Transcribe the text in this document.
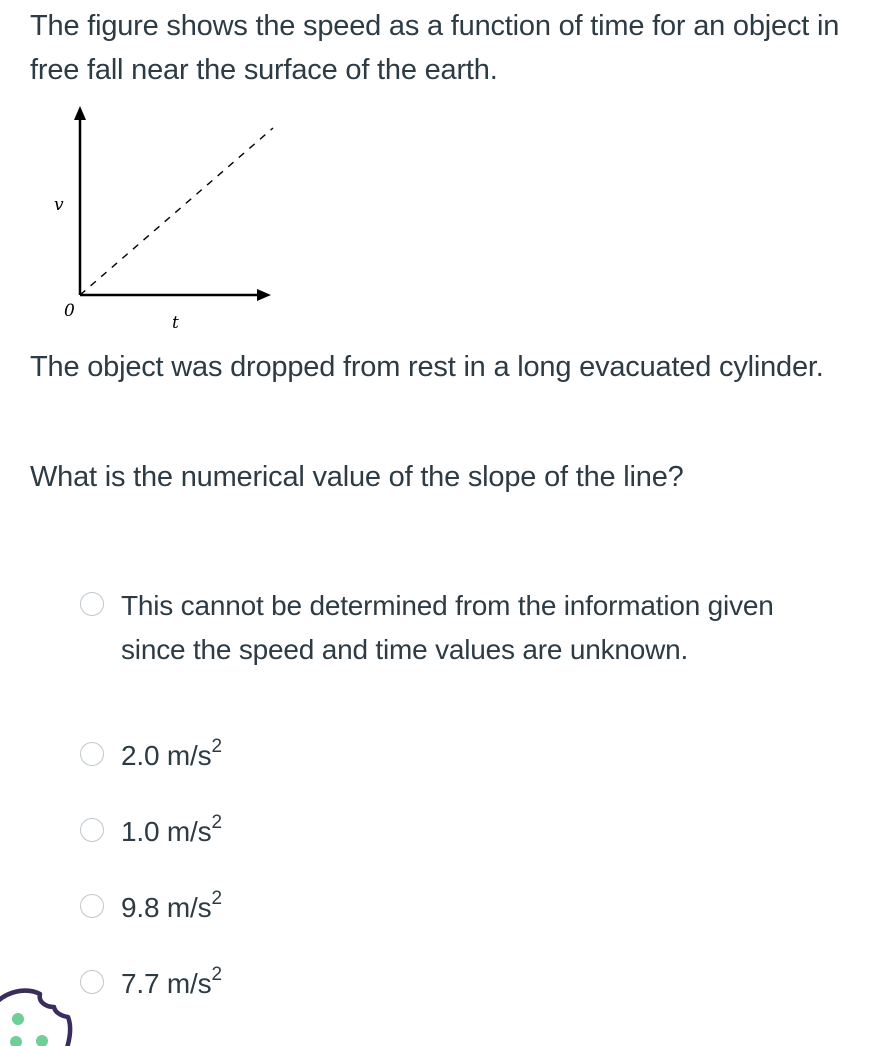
The figure shows the speed as a function of time for an object in free fall near the surface of the earth.

v
0
t

The object was dropped from rest in a long evacuated cylinder.

What is the numerical value of the slope of the line?

This cannot be determined from the information given since the speed and time values are unknown.
2.0 $m/s^2$
1.0 $m/s^2$
9.8 $m/s^2$
7.7 $m/s^2$
